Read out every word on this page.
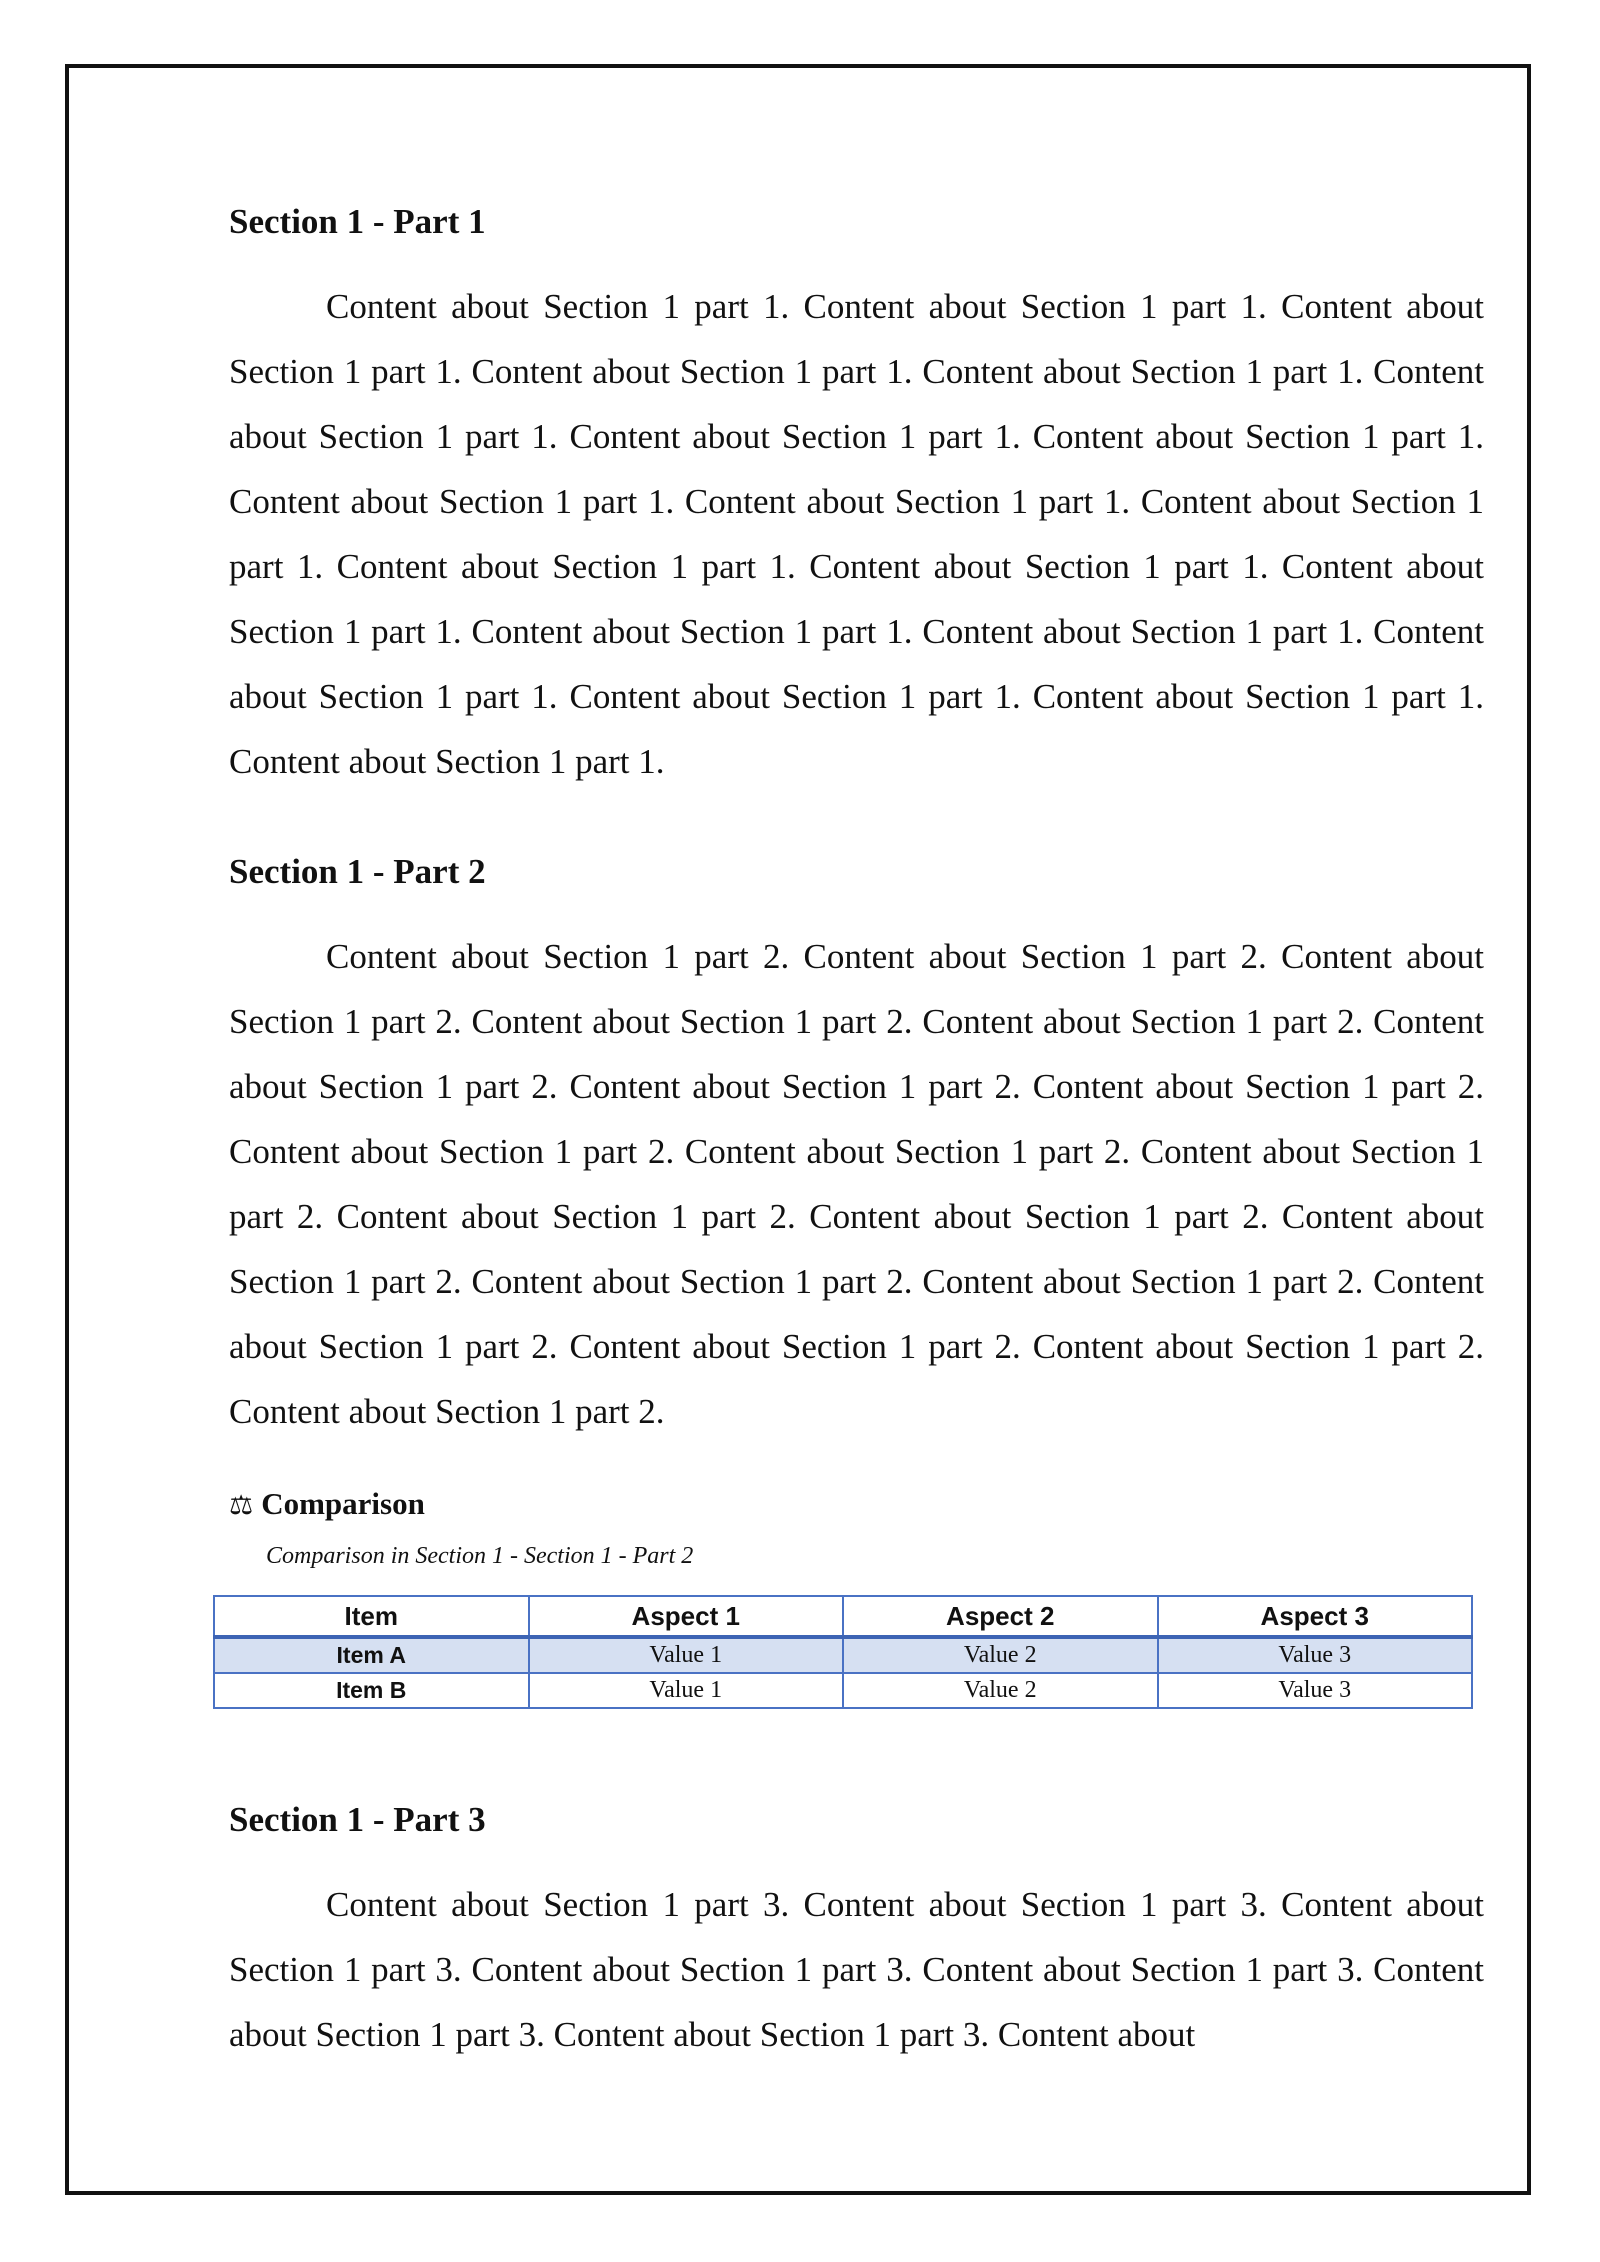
Section 1 - Part 1

Content about Section 1 part 1. Content about Section 1 part 1. Content about Section 1 part 1. Content about Section 1 part 1. Content about Section 1 part 1. Content about Section 1 part 1. Content about Section 1 part 1. Content about Section 1 part 1. Content about Section 1 part 1. Content about Section 1 part 1. Content about Section 1 part 1. Content about Section 1 part 1. Content about Section 1 part 1. Content about Section 1 part 1. Content about Section 1 part 1. Content about Section 1 part 1. Content about Section 1 part 1. Content about Section 1 part 1. Content about Section 1 part 1. Content about Section 1 part 1.

Section 1 - Part 2

Content about Section 1 part 2. Content about Section 1 part 2. Content about Section 1 part 2. Content about Section 1 part 2. Content about Section 1 part 2. Content about Section 1 part 2. Content about Section 1 part 2. Content about Section 1 part 2. Content about Section 1 part 2. Content about Section 1 part 2. Content about Section 1 part 2. Content about Section 1 part 2. Content about Section 1 part 2. Content about Section 1 part 2. Content about Section 1 part 2. Content about Section 1 part 2. Content about Section 1 part 2. Content about Section 1 part 2. Content about Section 1 part 2. Content about Section 1 part 2.

⚖ Comparison
Comparison in Section 1 - Section 1 - Part 2
Section 1 - Part 3

Content about Section 1 part 3. Content about Section 1 part 3. Content about Section 1 part 3. Content about Section 1 part 3. Content about Section 1 part 3. Content about Section 1 part 3. Content about Section 1 part 3. Content about

Item	Aspect 1	Aspect 2	Aspect 3
Item A	Value 1	Value 2	Value 3
Item B	Value 1	Value 2	Value 3
